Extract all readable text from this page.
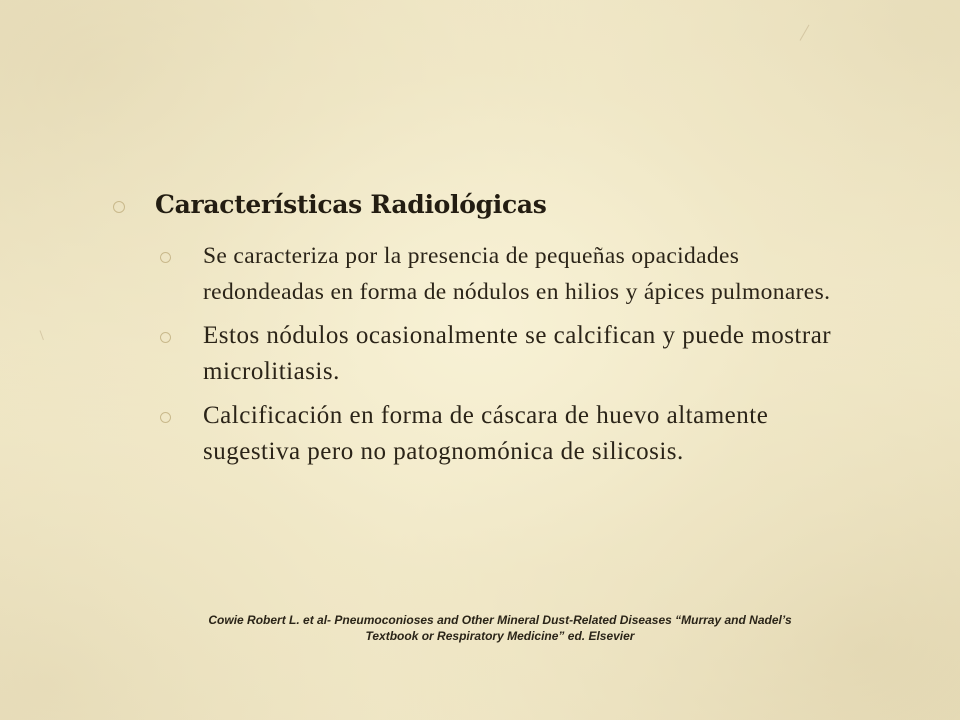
Características Radiológicas
Se caracteriza por la presencia de pequeñas opacidades redondeadas en forma de nódulos en hilios y ápices pulmonares.
Estos nódulos ocasionalmente se calcifican y puede mostrar microlitiasis.
Calcificación en forma de cáscara de huevo altamente sugestiva pero no patognomónica de silicosis.

Cowie Robert L. et al- Pneumoconioses and Other Mineral Dust-Related Diseases “Murray and Nadel’s
Textbook or Respiratory Medicine” ed. Elsevier
